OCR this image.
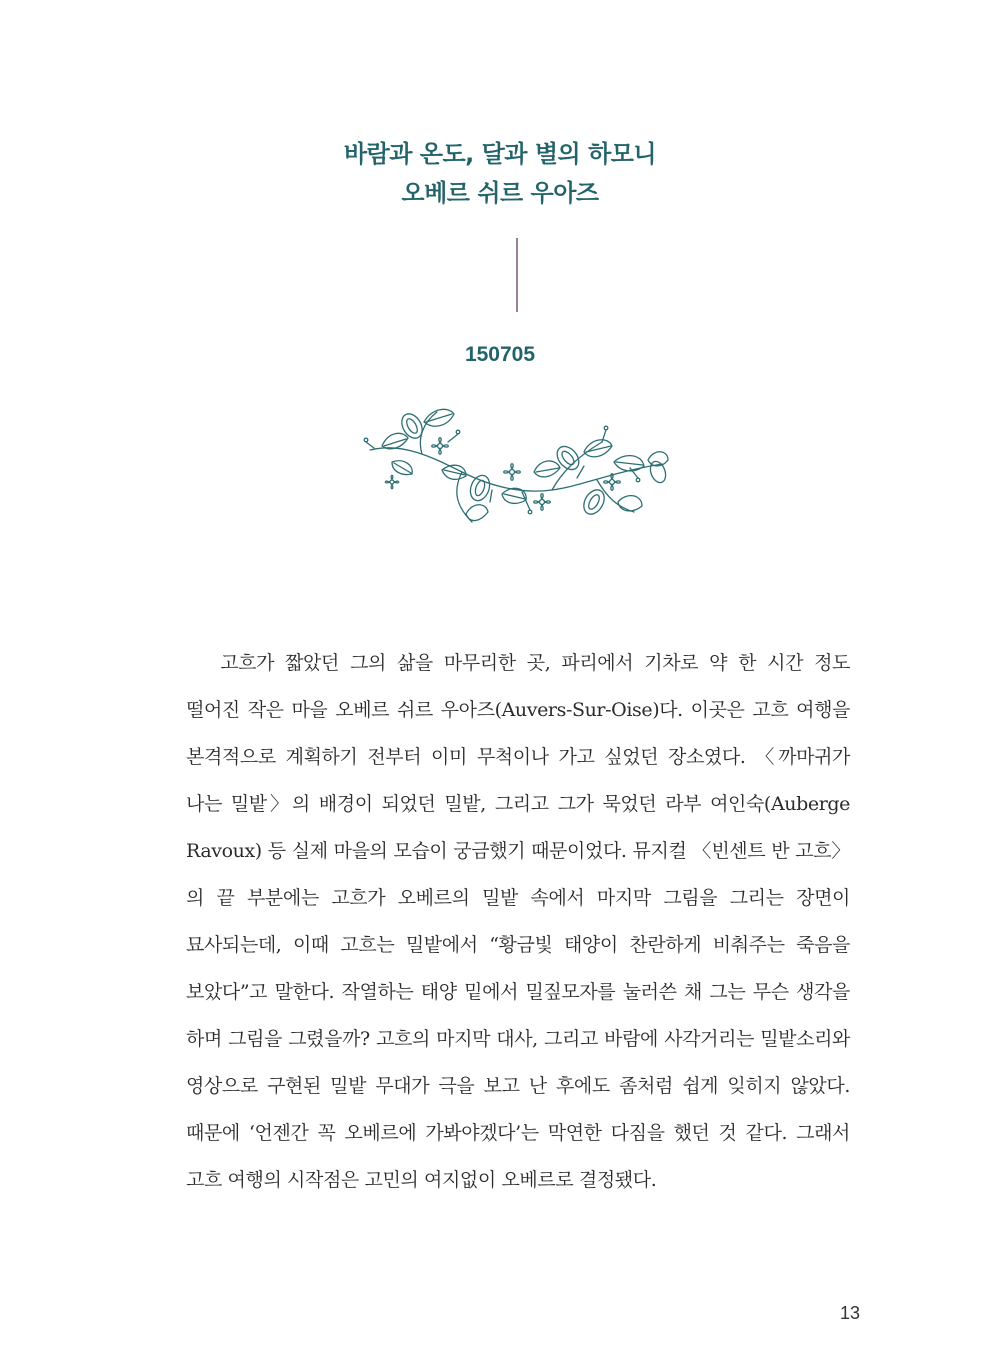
바람과 온도, 달과 별의 하모니
오베르 쉬르 우아즈
150705

고흐가 짧았던 그의 삶을 마무리한 곳, 파리에서 기차로 약 한 시간 정도 떨어진 작은 마을 오베르 쉬르 우아즈(Auvers-Sur-Oise)다. 이곳은 고흐 여행을 본격적으로 계획하기 전부터 이미 무척이나 가고 싶었던 장소였다. 〈까마귀가 나는 밀밭〉의 배경이 되었던 밀밭, 그리고 그가 묵었던 라부 여인숙(Auberge Ravoux) 등 실제 마을의 모습이 궁금했기 때문이었다. 뮤지컬 〈빈센트 반 고흐〉의 끝 부분에는 고흐가 오베르의 밀밭 속에서 마지막 그림을 그리는 장면이 묘사되는데, 이때 고흐는 밀밭에서 “황금빛 태양이 찬란하게 비춰주는 죽음을 보았다”고 말한다. 작열하는 태양 밑에서 밀짚모자를 눌러쓴 채 그는 무슨 생각을 하며 그림을 그렸을까? 고흐의 마지막 대사, 그리고 바람에 사각거리는 밀밭소리와 영상으로 구현된 밀밭 무대가 극을 보고 난 후에도 좀처럼 쉽게 잊히지 않았다. 때문에 ‘언젠간 꼭 오베르에 가봐야겠다’는 막연한 다짐을 했던 것 같다. 그래서 고흐 여행의 시작점은 고민의 여지없이 오베르로 결정됐다.

13
